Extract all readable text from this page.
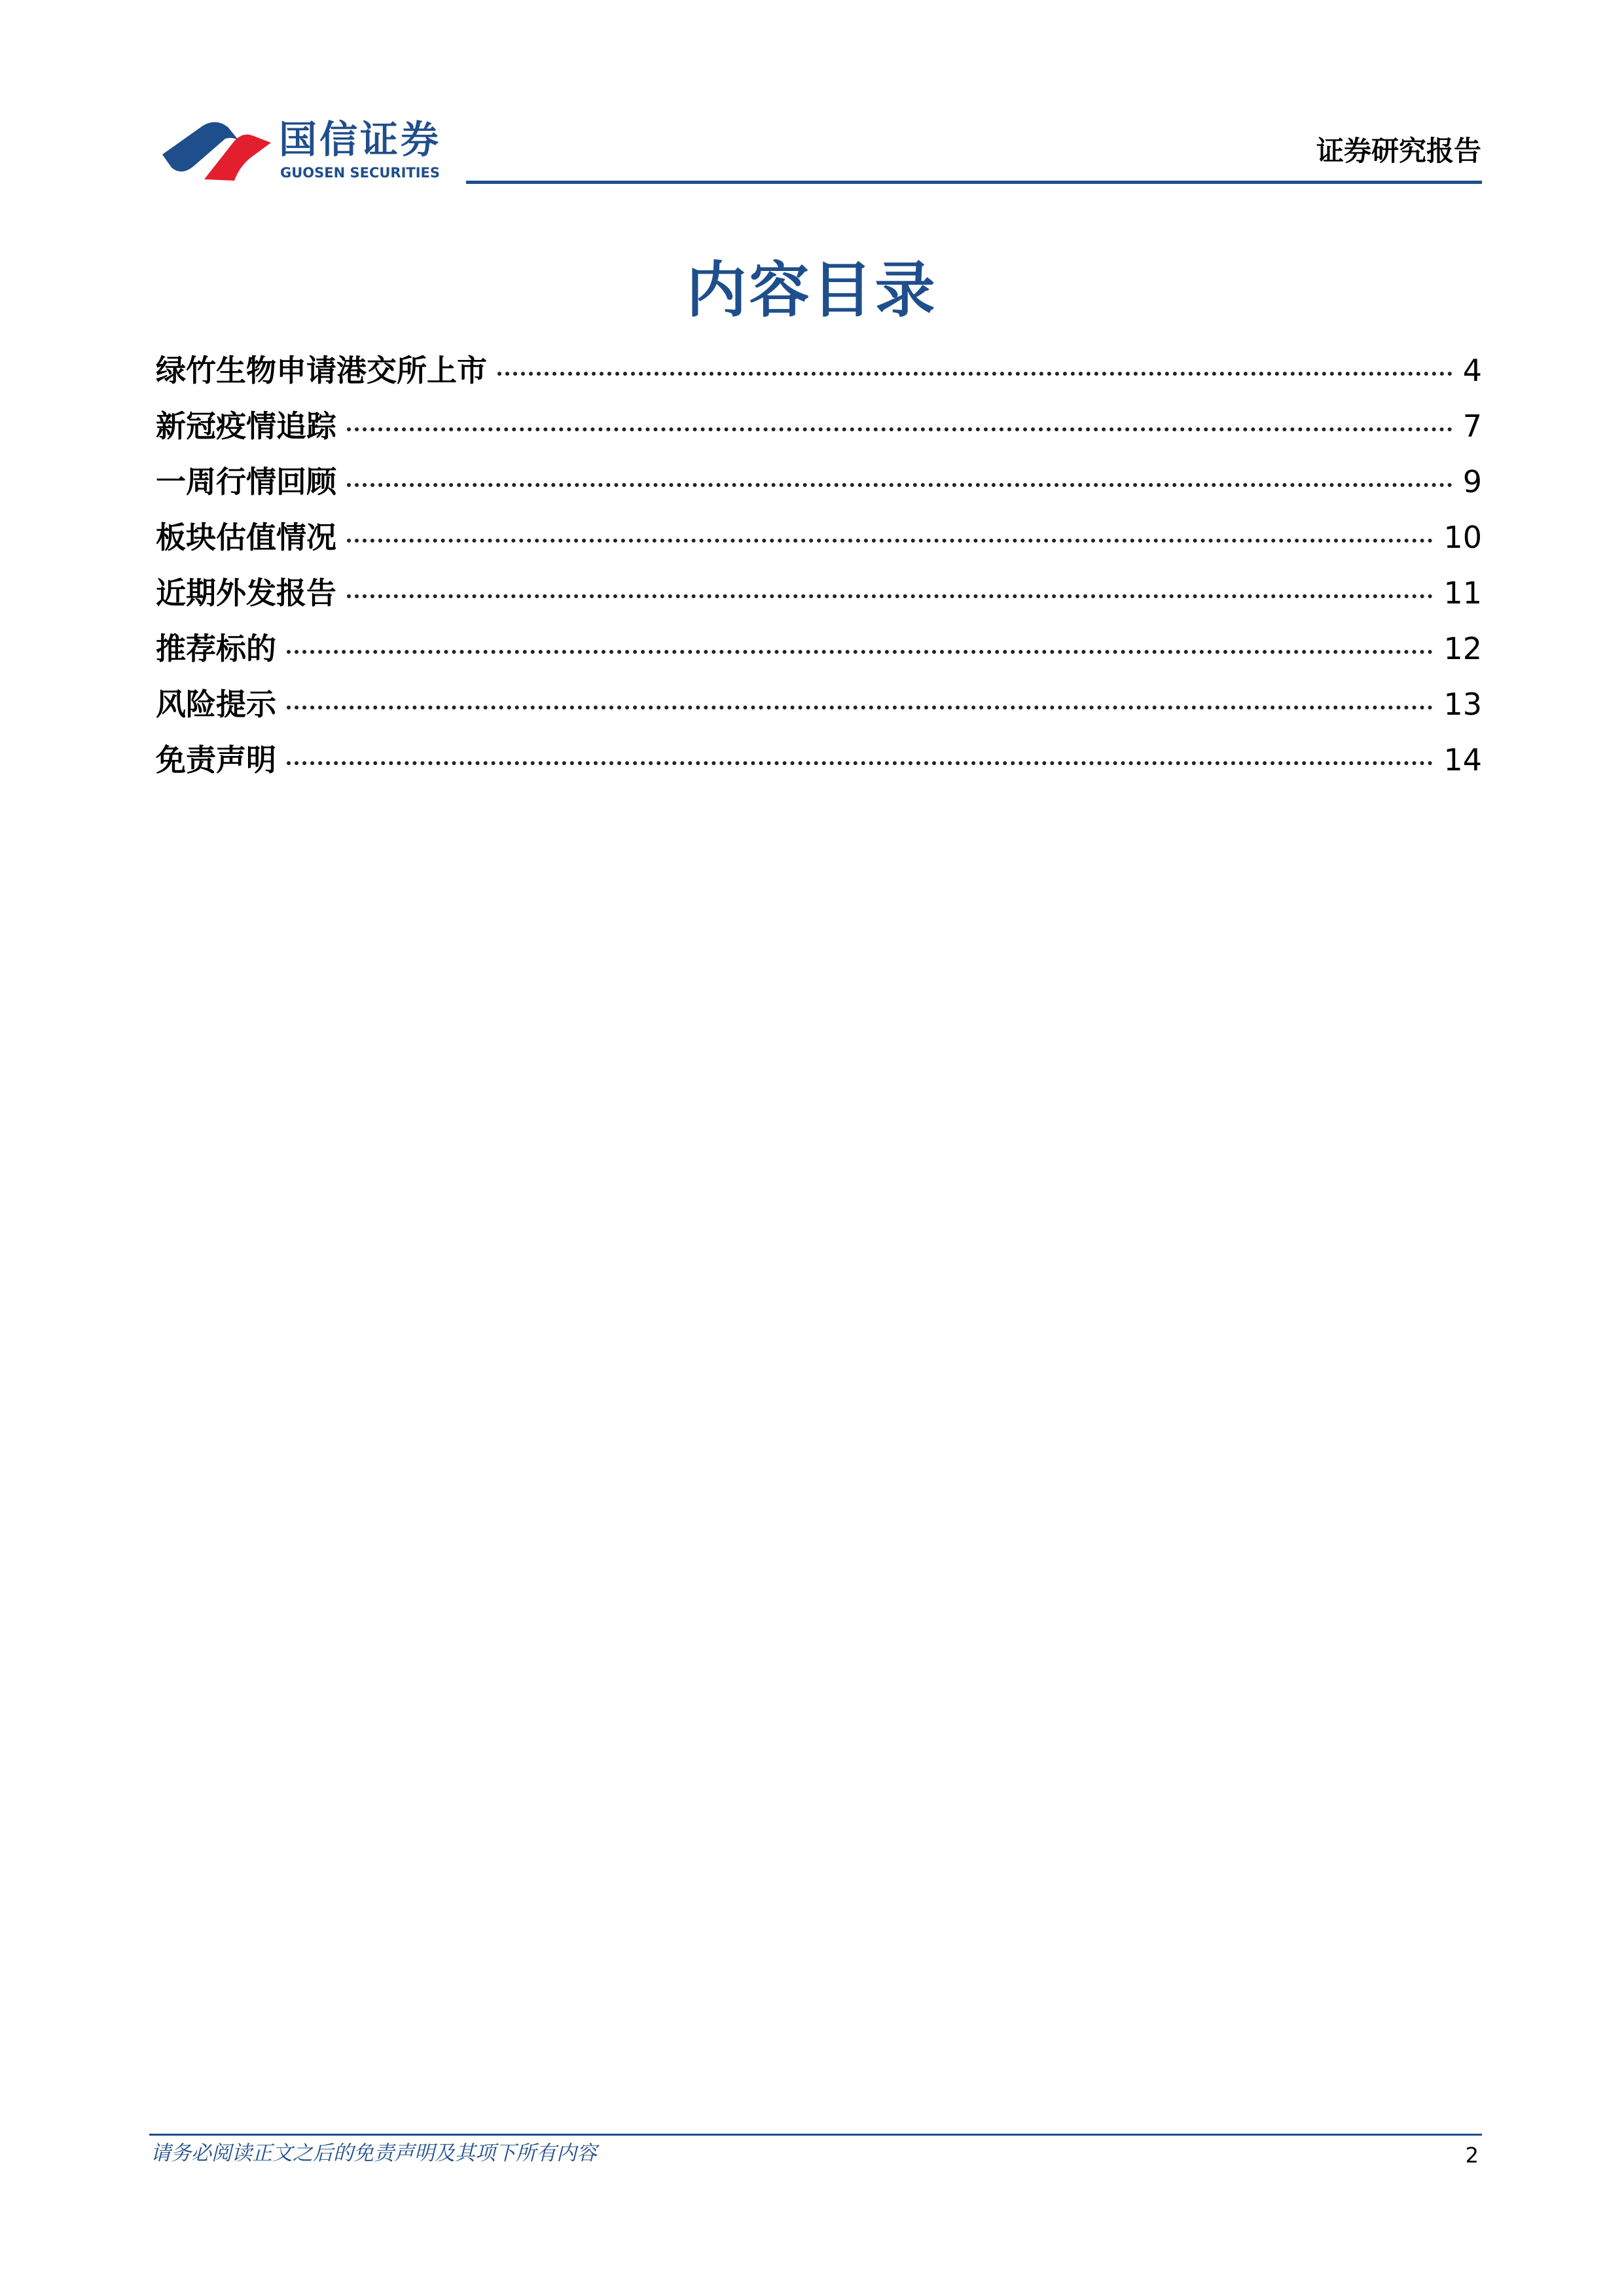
国信证券
GUOSEN SECURITIES
证券研究报告
内容目录
绿竹生物申请港交所上市	4
新冠疫情追踪	7
一周行情回顾	9
板块估值情况	10
近期外发报告	11
推荐标的	12
风险提示	13
免责声明	14
请务必阅读正文之后的免责声明及其项下所有内容	2
